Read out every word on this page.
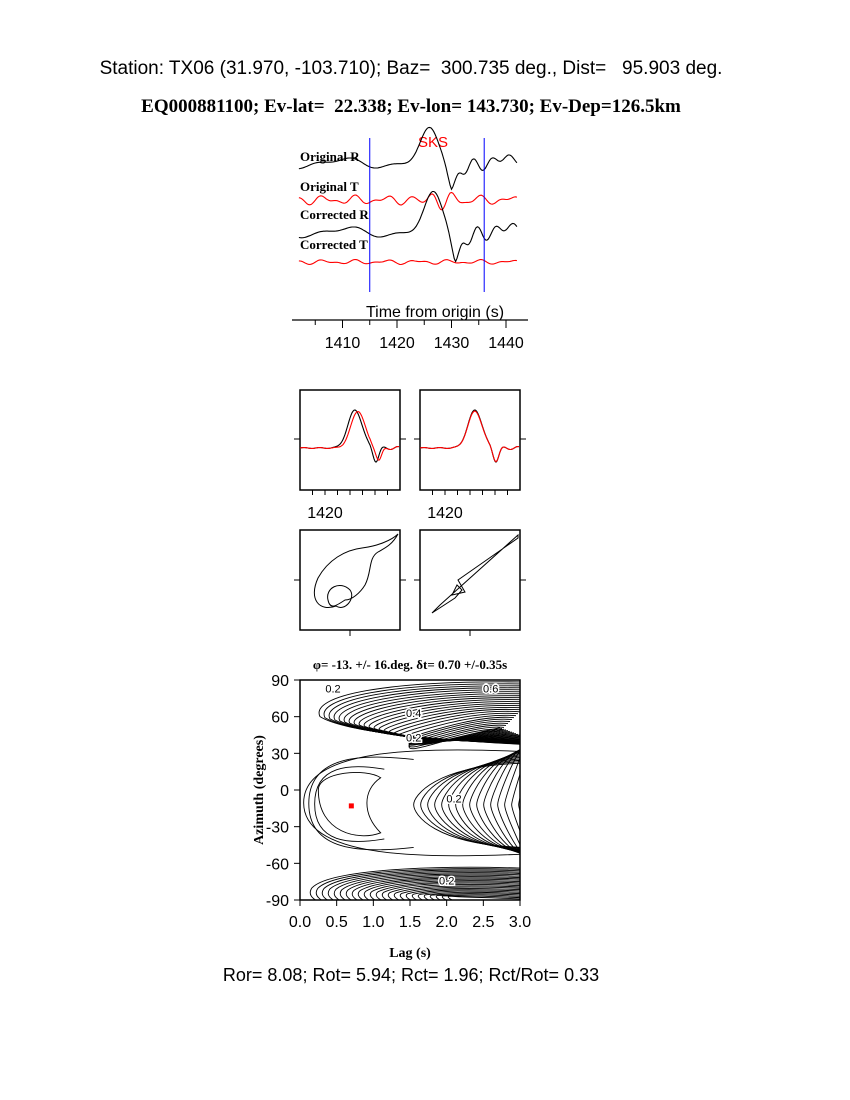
Station: TX06 (31.970, -103.710); Baz=  300.735 deg., Dist=   95.903 deg.
EQ000881100; Ev-lat=  22.338; Ev-lon= 143.730; Ev-Dep=126.5km
SKS
Original R
Original T
Corrected R
Corrected T
Time from origin (s)
1410 1420 1430 1440
1420	1420
φ= -13. +/- 16.deg. δt= 0.70 +/-0.35s
0.0 0.5 1.0 1.5 2.0 2.5 3.0
90
60
30
0
-30
-60
-90
0.2	0.6
0.4
0.2
0.2
0.2
Lag (s)
Azimuth (degrees)
Ror= 8.08; Rot= 5.94; Rct= 1.96; Rct/Rot= 0.33
